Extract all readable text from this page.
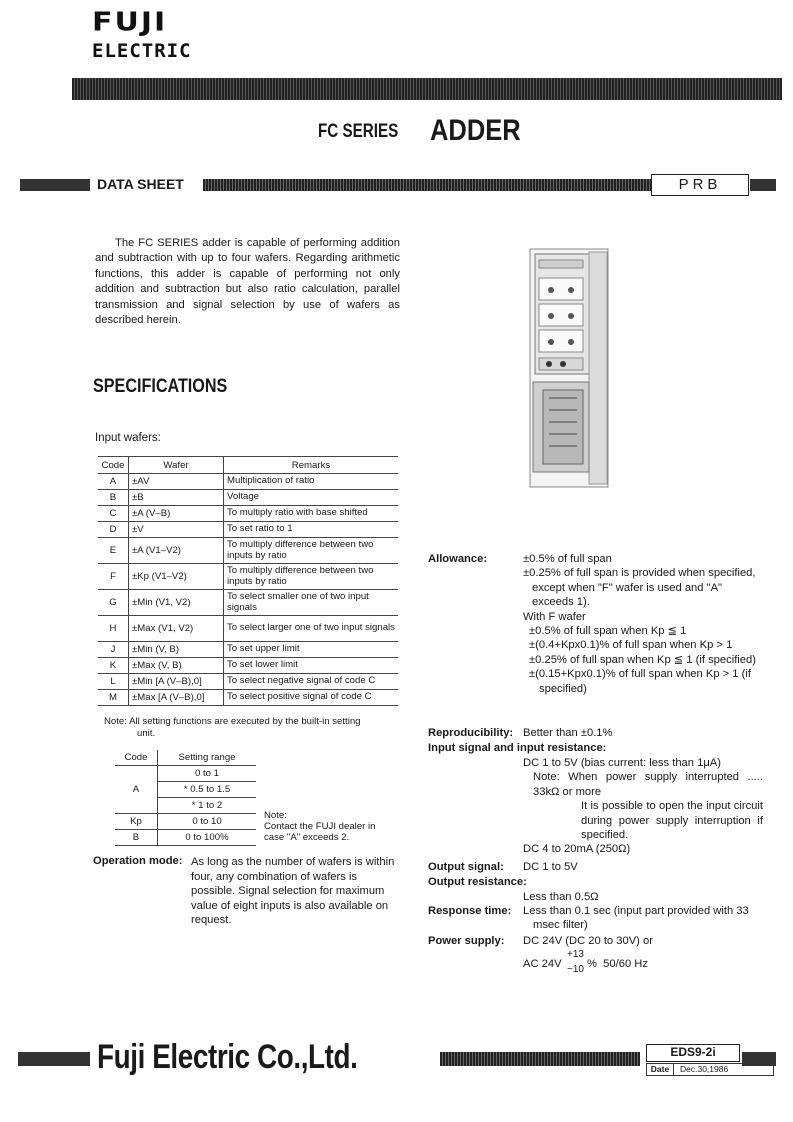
FUJI
ELECTRIC
FC SERIES ADDER
DATA SHEET	PRB
The FC SERIES adder is capable of performing addition and subtraction with up to four wafers. Regarding arithmetic functions, this adder is capable of performing not only addition and subtraction but also ratio calculation, parallel transmission and signal selection by use of wafers as described herein.
SPECIFICATIONS
Input wafers:
Code	Wafer	Remarks
A	±AV	Multiplication of ratio
B	±B	Voltage
C	±A (V–B)	To multiply ratio with base shifted
D	±V	To set ratio to 1
E	±A (V1–V2)	To multiply difference between two inputs by ratio
F	±Kp (V1–V2)	To multiply difference between two inputs by ratio
G	±Min (V1, V2)	To select smaller one of two input signals
H	±Max (V1, V2)	To select larger one of two input signals
J	±Min (V, B)	To set upper limit
K	±Max (V, B)	To set lower limit
L	±Min [A (V–B),0]	To select negative signal of code C
M	±Max [A (V–B),0]	To select positive signal of code C
Note: All setting functions are executed by the built-in setting
unit.
Code	Setting range
A	0 to 1
	* 0.5 to 1.5
	* 1 to 2
Kp	0 to 10
B	0 to 100%
Note:
Contact the FUJI dealer in case "A" exceeds 2.
Operation mode: As long as the number of wafers is within four, any combination of wafers is possible. Signal selection for maximum value of eight inputs is also available on request.
Allowance:	±0.5% of full span
±0.25% of full span is provided when specified, except when "F" wafer is used and "A" exceeds 1).
With F wafer
±0.5% of full span when Kp ≦ 1
±(0.4+Kpx0.1)% of full span when Kp > 1
±0.25% of full span when Kp ≦ 1 (if specified)
±(0.15+Kpx0.1)% of full span when Kp > 1 (if specified)
Reproducibility: Better than ±0.1%
Input signal and input resistance:
DC 1 to 5V (bias current: less than 1μA)
Note: When power supply interrupted ..... 33kΩ or more
It is possible to open the input circuit during power supply interruption if specified.
DC 4 to 20mA (250Ω)
Output signal: DC 1 to 5V
Output resistance:
Less than 0.5Ω
Response time: Less than 0.1 sec (input part provided with 33 msec filter)
Power supply: DC 24V (DC 20 to 30V) or
AC 24V
+13
−10 %  50/60 Hz
Fuji Electric Co.,Ltd.	EDS9-2i
Date Dec.30,1986
